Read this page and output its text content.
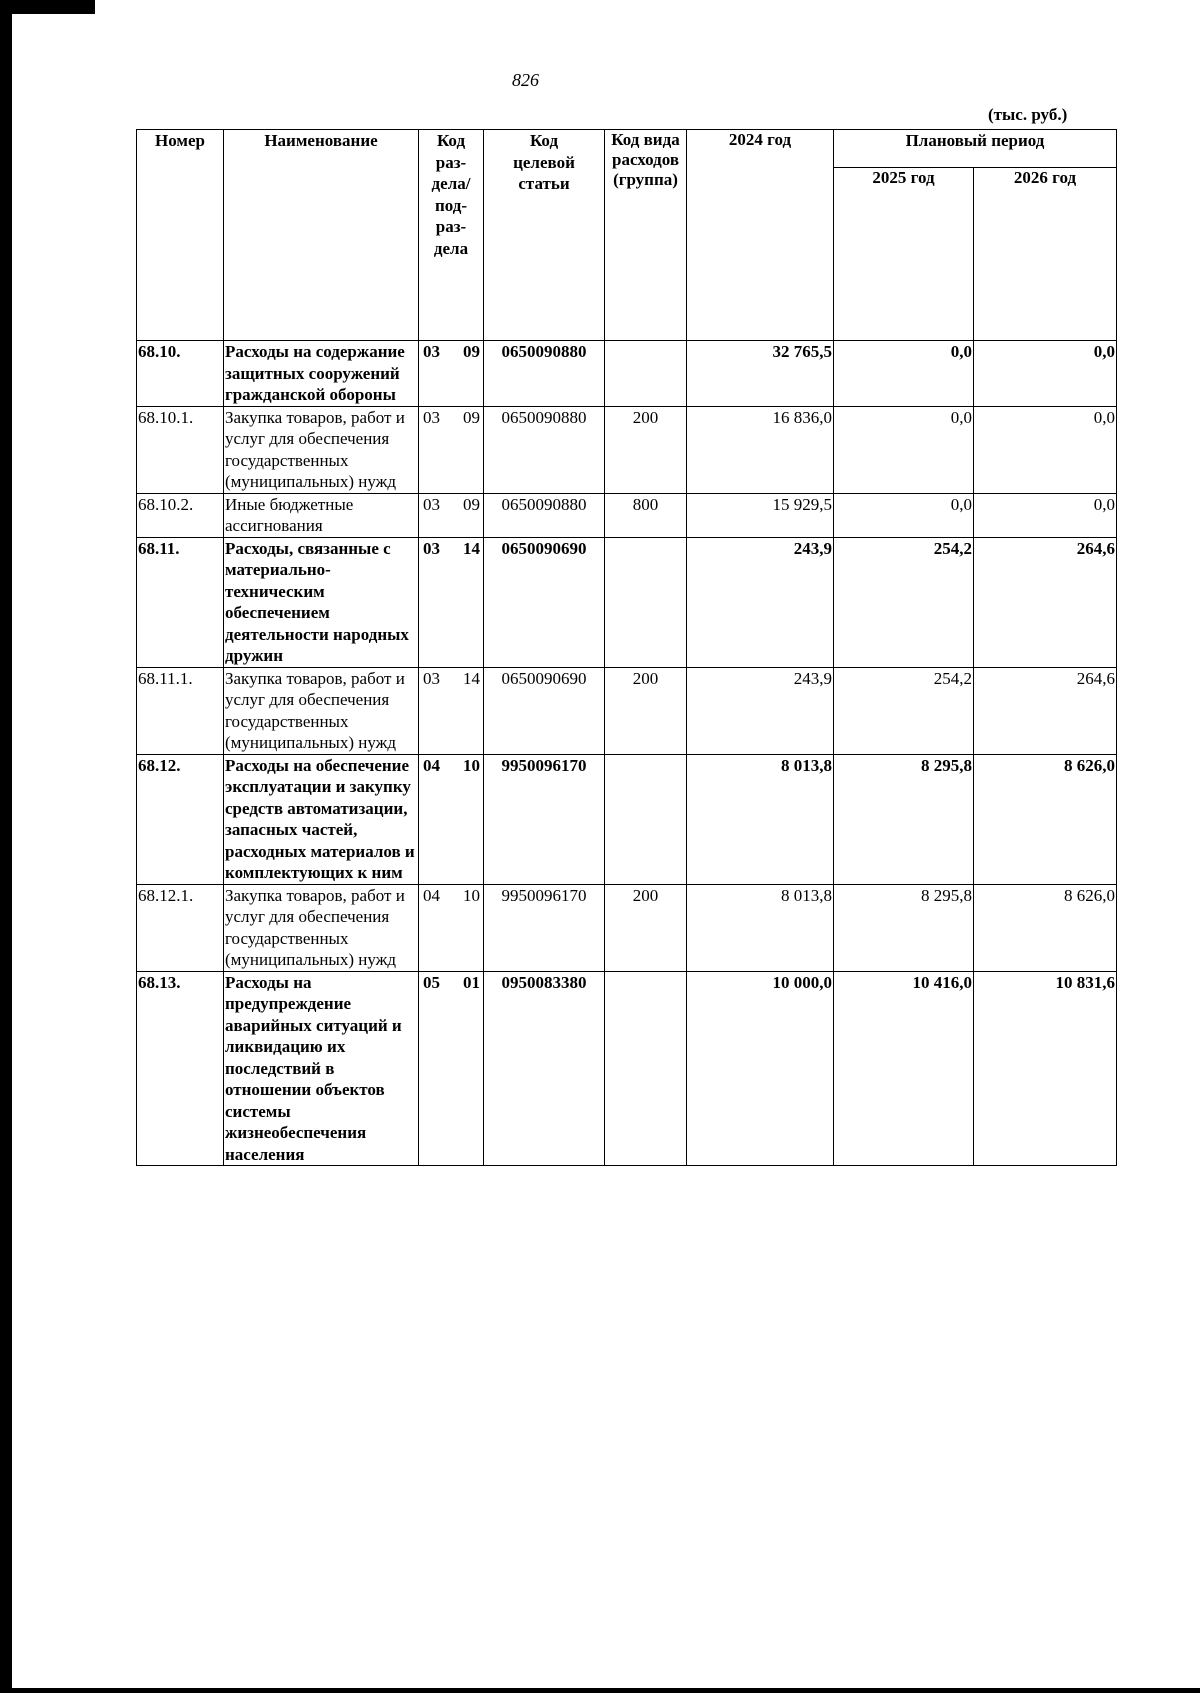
826
(тыс. руб.)
Номер	Наименование	Код раз-дела/ под-раз-дела	Код целевой статьи	Код вида расходов (группа)	2024 год	Плановый период	
						2025 год	2026 год
68.10.	Расходы на содержание защитных сооружений гражданской обороны	03 09	0650090880		32 765,5	0,0	0,0
68.10.1.	Закупка товаров, работ и услуг для обеспечения государственных (муниципальных) нужд	03 09	0650090880	200	16 836,0	0,0	0,0
68.10.2.	Иные бюджетные ассигнования	03 09	0650090880	800	15 929,5	0,0	0,0
68.11.	Расходы, связанные с материально-техническим обеспечением деятельности народных дружин	03 14	0650090690		243,9	254,2	264,6
68.11.1.	Закупка товаров, работ и услуг для обеспечения государственных (муниципальных) нужд	03 14	0650090690	200	243,9	254,2	264,6
68.12.	Расходы на обеспечение эксплуатации и закупку средств автоматизации, запасных частей, расходных материалов и комплектующих к ним	04 10	9950096170		8 013,8	8 295,8	8 626,0
68.12.1.	Закупка товаров, работ и услуг для обеспечения государственных (муниципальных) нужд	04 10	9950096170	200	8 013,8	8 295,8	8 626,0
68.13.	Расходы на предупреждение аварийных ситуаций и ликвидацию их последствий в отношении объектов системы жизнеобеспечения населения	05 01	0950083380		10 000,0	10 416,0	10 831,6
